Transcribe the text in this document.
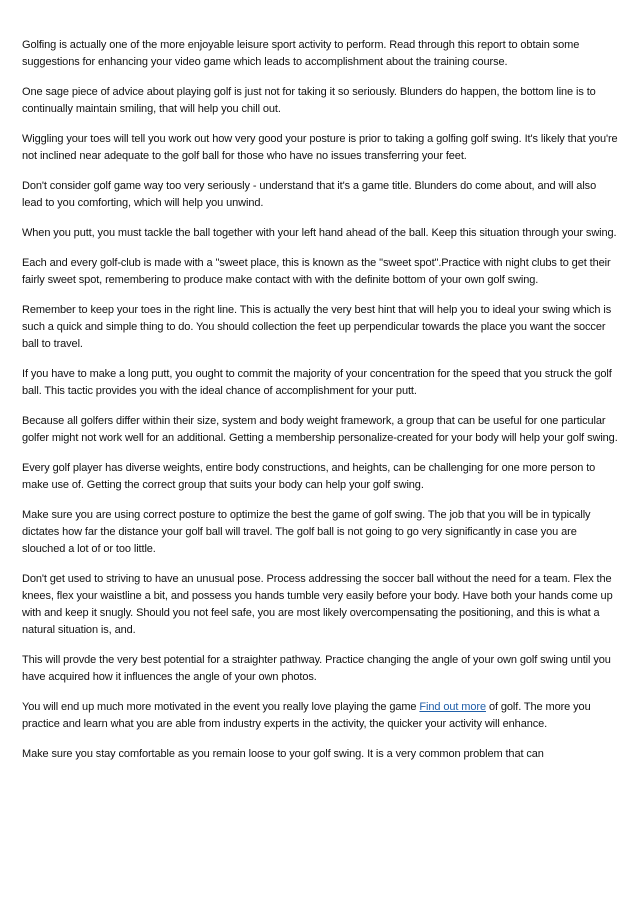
Golfing is actually one of the more enjoyable leisure sport activity to perform. Read through this report to obtain some suggestions for enhancing your video game which leads to accomplishment about the training course.

One sage piece of advice about playing golf is just not for taking it so seriously. Blunders do happen, the bottom line is to continually maintain smiling, that will help you chill out.

Wiggling your toes will tell you work out how very good your posture is prior to taking a golfing golf swing. It's likely that you're not inclined near adequate to the golf ball for those who have no issues transferring your feet.

Don't consider golf game way too very seriously - understand that it's a game title. Blunders do come about, and will also lead to you comforting, which will help you unwind.

When you putt, you must tackle the ball together with your left hand ahead of the ball. Keep this situation through your swing.

Each and every golf-club is made with a "sweet place, this is known as the "sweet spot".Practice with night clubs to get their fairly sweet spot, remembering to produce make contact with with the definite bottom of your own golf swing.

Remember to keep your toes in the right line. This is actually the very best hint that will help you to ideal your swing which is such a quick and simple thing to do. You should collection the feet up perpendicular towards the place you want the soccer ball to travel.

If you have to make a long putt, you ought to commit the majority of your concentration for the speed that you struck the golf ball. This tactic provides you with the ideal chance of accomplishment for your putt.

Because all golfers differ within their size, system and body weight framework, a group that can be useful for one particular golfer might not work well for an additional. Getting a membership personalize-created for your body will help your golf swing.

Every golf player has diverse weights, entire body constructions, and heights, can be challenging for one more person to make use of. Getting the correct group that suits your body can help your golf swing.

Make sure you are using correct posture to optimize the best the game of golf swing. The job that you will be in typically dictates how far the distance your golf ball will travel. The golf ball is not going to go very significantly in case you are slouched a lot of or too little.

Don't get used to striving to have an unusual pose. Process addressing the soccer ball without the need for a team. Flex the knees, flex your waistline a bit, and possess you hands tumble very easily before your body. Have both your hands come up with and keep it snugly. Should you not feel safe, you are most likely overcompensating the positioning, and this is what a natural situation is, and.

This will provde the very best potential for a straighter pathway. Practice changing the angle of your own golf swing until you have acquired how it influences the angle of your own photos.

You will end up much more motivated in the event you really love playing the game Find out more of golf. The more you practice and learn what you are able from industry experts in the activity, the quicker your activity will enhance.

Make sure you stay comfortable as you remain loose to your golf swing. It is a very common problem that can
